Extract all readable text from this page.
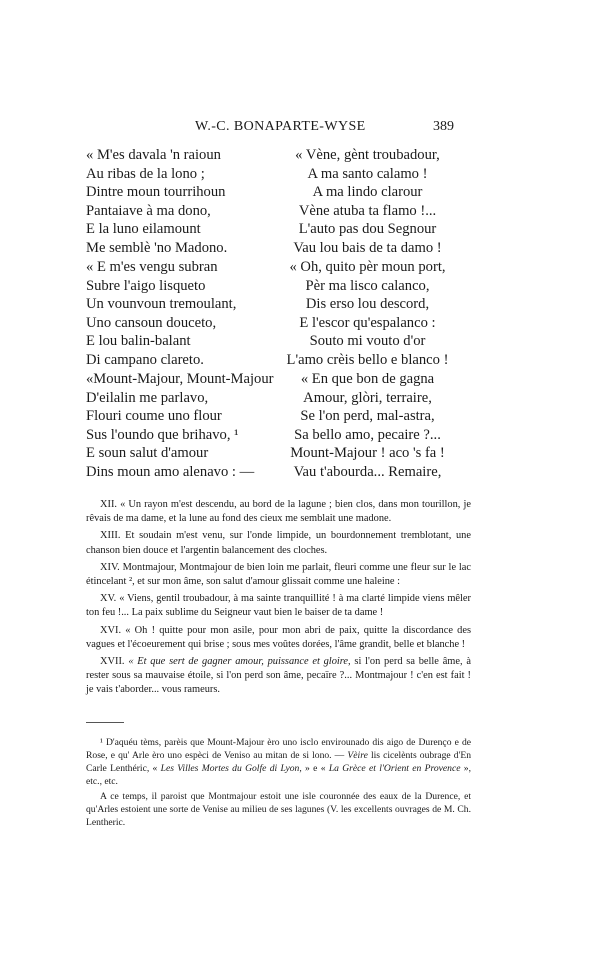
W.-C. BONAPARTE-WYSE	389
« M'es davala 'n raioun
Au ribas de la lono ;
Dintre moun tourrihoun
Pantaiave à ma dono,
E la luno eilamount
Me semblè 'no Madono.
« Vène, gènt troubadour,
A ma santo calamo !
A ma lindo clarour
Vène atuba ta flamo !...
L'auto pas dou Segnour
Vau lou bais de ta damo !
« E m'es vengu subran
Subre l'aigo lisqueto
Un vounvoun tremoulant,
Uno cansoun douceto,
E lou balin-balant
Di campano clareto.
« Oh, quito pèr moun port,
Pèr ma lisco calanco,
Dis erso lou descord,
E l'escor qu'espalanco :
Souto mi vouto d'or
L'amo crèis bello e blanco !
«Mount-Majour, Mount-Majour
D'eilalin me parlavo,
Flouri coume uno flour
Sus l'oundo que brihavo, ¹
E soun salut d'amour
Dins moun amo alenavo : —
« En que bon de gagna
Amour, glòri, terraire,
Se l'on perd, mal-astra,
Sa bello amo, pecaire ?...
Mount-Majour ! aco 's fa !
Vau t'abourda... Remaire,

XII. « Un rayon m'est descendu, au bord de la lagune ; bien clos, dans mon tourillon, je rêvais de ma dame, et la lune au fond des cieux me semblait une madone.

XIII. Et soudain m'est venu, sur l'onde limpide, un bourdonnement tremblotant, une chanson bien douce et l'argentin balancement des cloches.

XIV. Montmajour, Montmajour de bien loin me parlait, fleuri comme une fleur sur le lac étincelant ², et sur mon âme, son salut d'amour glissait comme une haleine :

XV. « Viens, gentil troubadour, à ma sainte tranquillité ! à ma clarté limpide viens mêler ton feu !... La paix sublime du Seigneur vaut bien le baiser de ta dame !

XVI. « Oh ! quitte pour mon asile, pour mon abri de paix, quitte la discordance des vagues et l'écoeurement qui brise ; sous mes voûtes dorées, l'âme grandit, belle et blanche !

XVII. « Et que sert de gagner amour, puissance et gloire, si l'on perd sa belle âme, à rester sous sa mauvaise étoile, si l'on perd son âme, pecaïre ?... Montmajour ! c'en est fait ! je vais t'aborder... vous rameurs.

¹ D'aquéu tèms, parèis que Mount-Majour èro uno isclo envirounado dis aigo de Durenço e de Rose, e qu' Arle èro uno espèci de Veniso au mitan de si lono. — Vèire lis cicelènts oubrage d'En Carle Lenthéric, « Les Villes Mortes du Golfe di Lyon, » e « La Grèce et l'Orient en Provence », etc., etc.

A ce temps, il paroist que Montmajour estoit une isle couronnée des eaux de la Durence, et qu'Arles estoient une sorte de Venise au milieu de ses lagunes (V. les excellents ouvrages de M. Ch. Lentheric.
